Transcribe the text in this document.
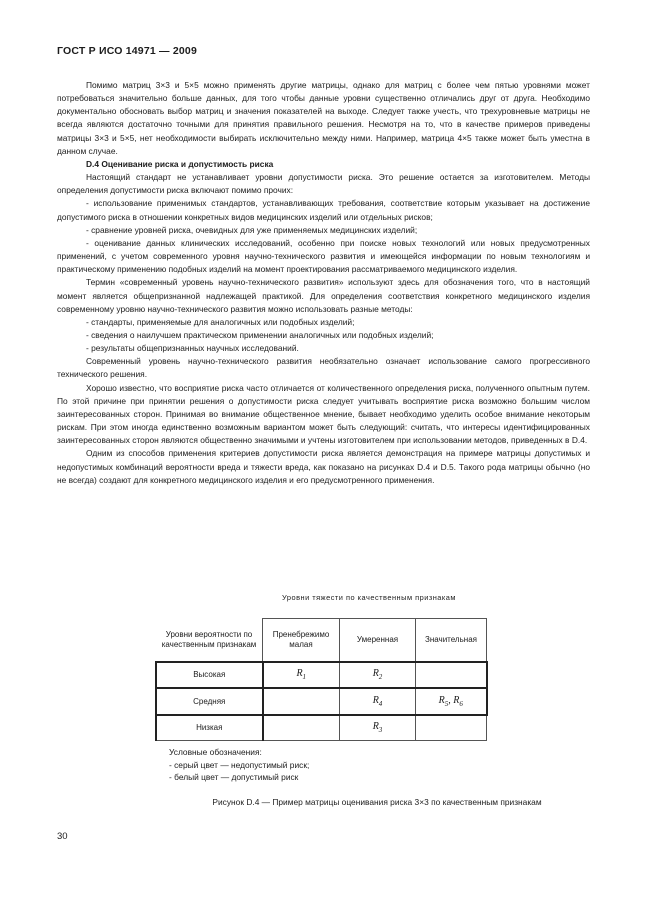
ГОСТ Р ИСО 14971 — 2009

Помимо матриц 3×3 и 5×5 можно применять другие матрицы, однако для матриц с более чем пятью уровнями может потребоваться значительно больше данных, для того чтобы данные уровни существенно отличались друг от друга. Необходимо документально обосновать выбор матриц и значения показателей на выходе. Следует также учесть, что трехуровневые матрицы не всегда являются достаточно точными для принятия правильного решения. Несмотря на то, что в качестве примеров приведены матрицы 3×3 и 5×5, нет необходимости выбирать исключительно между ними. Например, матрица 4×5 также может быть уместна в данном случае.

D.4 Оценивание риска и допустимость риска

Настоящий стандарт не устанавливает уровни допустимости риска. Это решение остается за изготовителем. Методы определения допустимости риска включают помимо прочих:

- использование применимых стандартов, устанавливающих требования, соответствие которым указывает на достижение допустимого риска в отношении конкретных видов медицинских изделий или отдельных рисков;

- сравнение уровней риска, очевидных для уже применяемых медицинских изделий;

- оценивание данных клинических исследований, особенно при поиске новых технологий или новых предусмотренных применений, с учетом современного уровня научно-технического развития и имеющейся информации по новым технологиям и практическому применению подобных изделий на момент проектирования рассматриваемого медицинского изделия.

Термин «современный уровень научно-технического развития» используют здесь для обозначения того, что в настоящий момент является общепризнанной надлежащей практикой. Для определения соответствия конкретного медицинского изделия современному уровню научно-технического развития можно использовать разные методы:

- стандарты, применяемые для аналогичных или подобных изделий;

- сведения о наилучшем практическом применении аналогичных или подобных изделий;

- результаты общепризнанных научных исследований.

Современный уровень научно-технического развития необязательно означает использование самого прогрессивного технического решения.

Хорошо известно, что восприятие риска часто отличается от количественного определения риска, полученного опытным путем. По этой причине при принятии решения о допустимости риска следует учитывать восприятие риска возможно большим числом заинтересованных сторон. Принимая во внимание общественное мнение, бывает необходимо уделить особое внимание некоторым рискам. При этом иногда единственно возможным вариантом может быть следующий: считать, что интересы идентифицированных заинтересованных сторон являются общественно значимыми и учтены изготовителем при использовании методов, приведенных в D.4.

Одним из способов применения критериев допустимости риска является демонстрация на примере матрицы допустимых и недопустимых комбинаций вероятности вреда и тяжести вреда, как показано на рисунках D.4 и D.5. Такого рода матрицы обычно (но не всегда) создают для конкретного медицинского изделия и его предусмотренного применения.

Уровни тяжести по качественным признакам
Уровни вероятности по качественным признакам	Пренебрежимо малая	Умеренная	Значительная
Высокая	$R_1$	$R_2$	
Средняя		$R_4$	$R_5$, $R_6$
Низкая		$R_3$	
Условные обозначения:
- серый цвет — недопустимый риск;
- белый цвет — допустимый риск
Рисунок D.4 — Пример матрицы оценивания риска 3×3 по качественным признакам
30
